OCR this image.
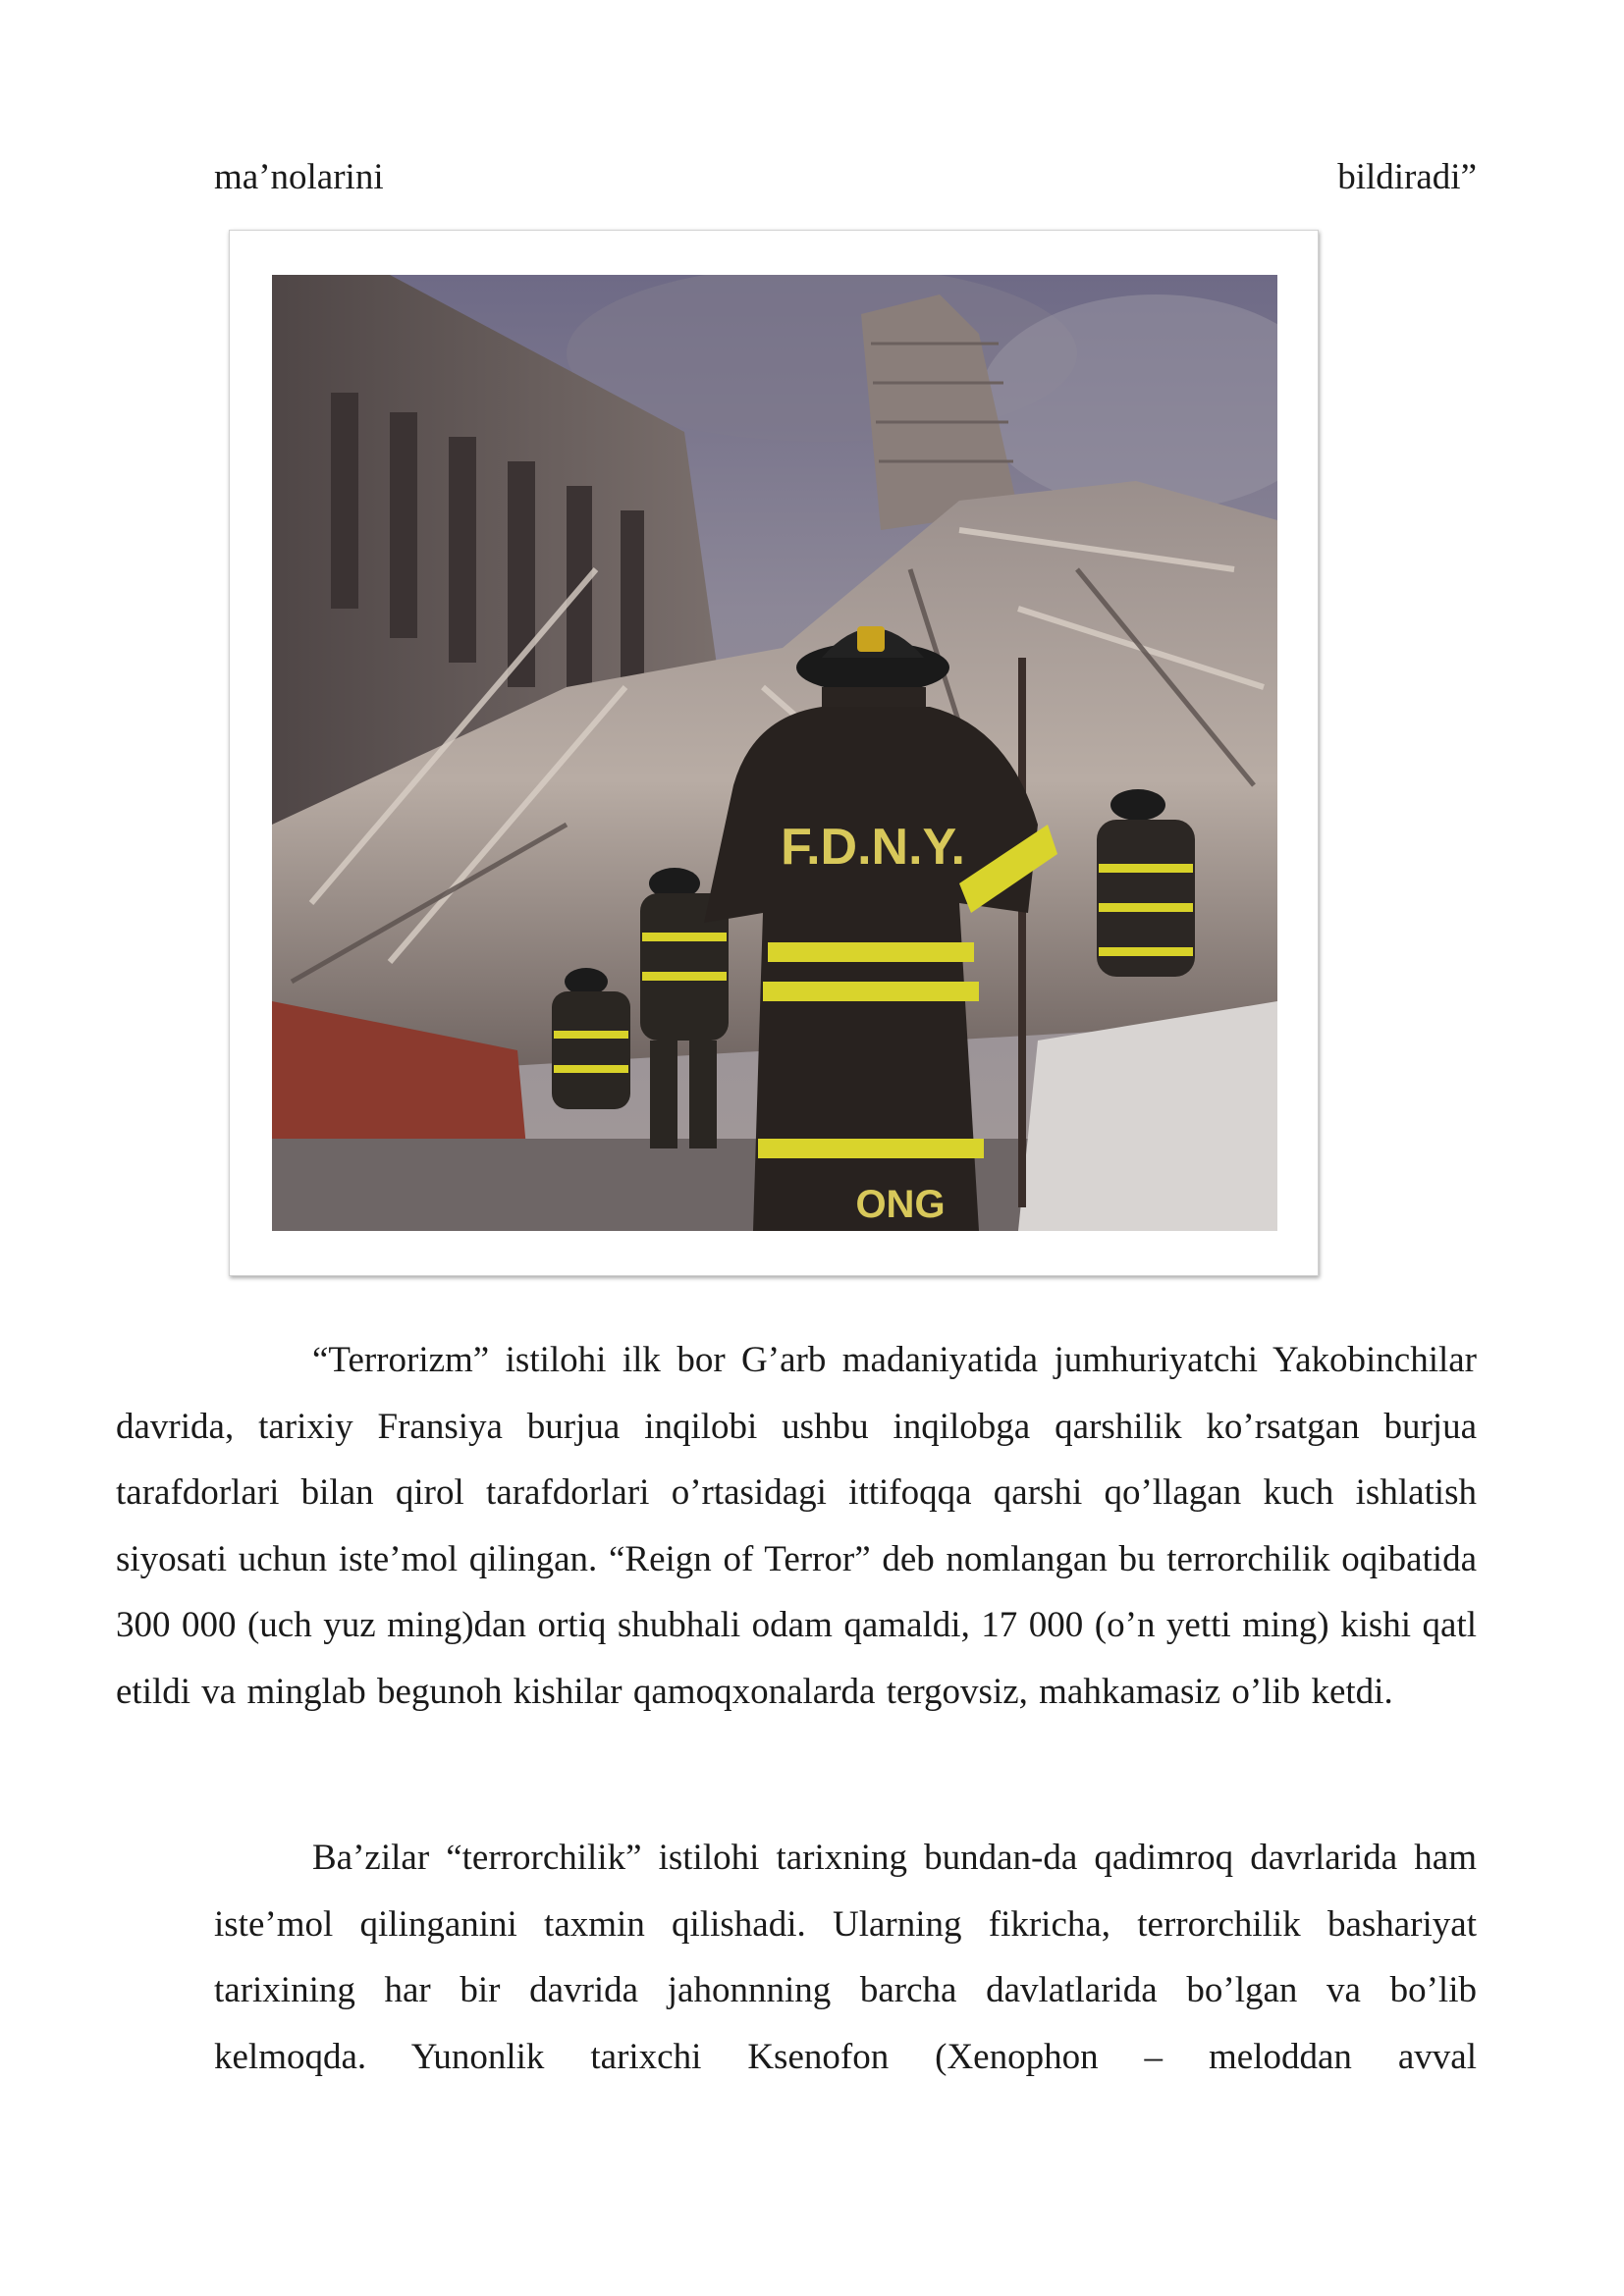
ma’nolarini	bildiradi”
F.D.N.Y.
ONG

“Terrorizm” istilohi ilk bor G’arb madaniyatida jumhuriyatchi Yakobinchilar davrida, tarixiy Fransiya burjua inqilobi ushbu inqilobga qarshilik ko’rsatgan burjua tarafdorlari bilan qirol tarafdorlari o’rtasidagi ittifoqqa qarshi qo’llagan kuch ishlatish siyosati uchun iste’mol qilingan. “Reign of Terror” deb nomlangan bu terrorchilik oqibatida 300 000 (uch yuz ming)dan ortiq shubhali odam qamaldi, 17 000 (o’n yetti ming) kishi qatl etildi va minglab begunoh kishilar qamoqxonalarda tergovsiz, mahkamasiz o’lib ketdi.

Ba’zilar “terrorchilik” istilohi tarixning bundan-da qadimroq davrlarida ham iste’mol qilinganini taxmin qilishadi. Ularning fikricha, terrorchilik bashariyat tarixining har bir davrida jahonnning barcha davlatlarida bo’lgan va bo’lib kelmoqda. Yunonlik tarixchi Ksenofon (Xenophon – meloddan avval
